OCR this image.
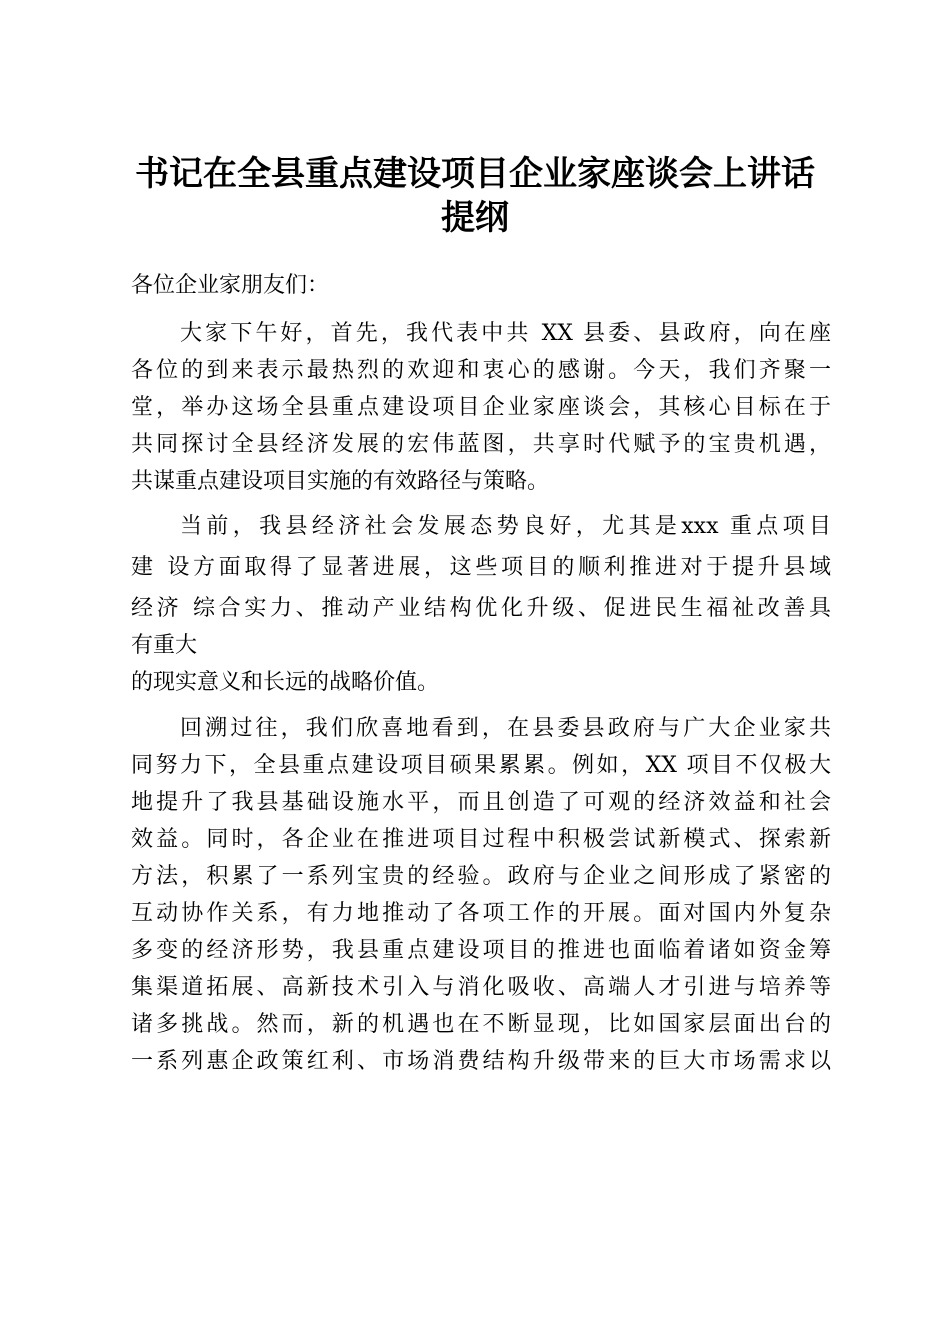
书记在全县重点建设项目企业家座谈会上讲话
提纲

各位企业家朋友们：

大家下午好，首先，我代表中共 XX 县委、县政府，向在座

各位的到来表示最热烈的欢迎和衷心的感谢。今天，我们齐聚一

堂，举办这场全县重点建设项目企业家座谈会，其核心目标在于

共同探讨全县经济发展的宏伟蓝图，共享时代赋予的宝贵机遇，

共谋重点建设项目实施的有效路径与策略。

当前，我县经济社会发展态势良好，尤其是xxx 重点项目

建 设方面取得了显著进展，这些项目的顺利推进对于提升县域

经济 综合实力、推动产业结构优化升级、促进民生福祉改善具

有重大

的现实意义和长远的战略价值。

回溯过往，我们欣喜地看到，在县委县政府与广大企业家共

同努力下，全县重点建设项目硕果累累。例如，XX 项目不仅极大

地提升了我县基础设施水平，而且创造了可观的经济效益和社会

效益。同时，各企业在推进项目过程中积极尝试新模式、探索新

方法，积累了一系列宝贵的经验。政府与企业之间形成了紧密的

互动协作关系，有力地推动了各项工作的开展。面对国内外复杂

多变的经济形势，我县重点建设项目的推进也面临着诸如资金筹

集渠道拓展、高新技术引入与消化吸收、高端人才引进与培养等

诸多挑战。然而，新的机遇也在不断显现，比如国家层面出台的

一系列惠企政策红利、市场消费结构升级带来的巨大市场需求以
